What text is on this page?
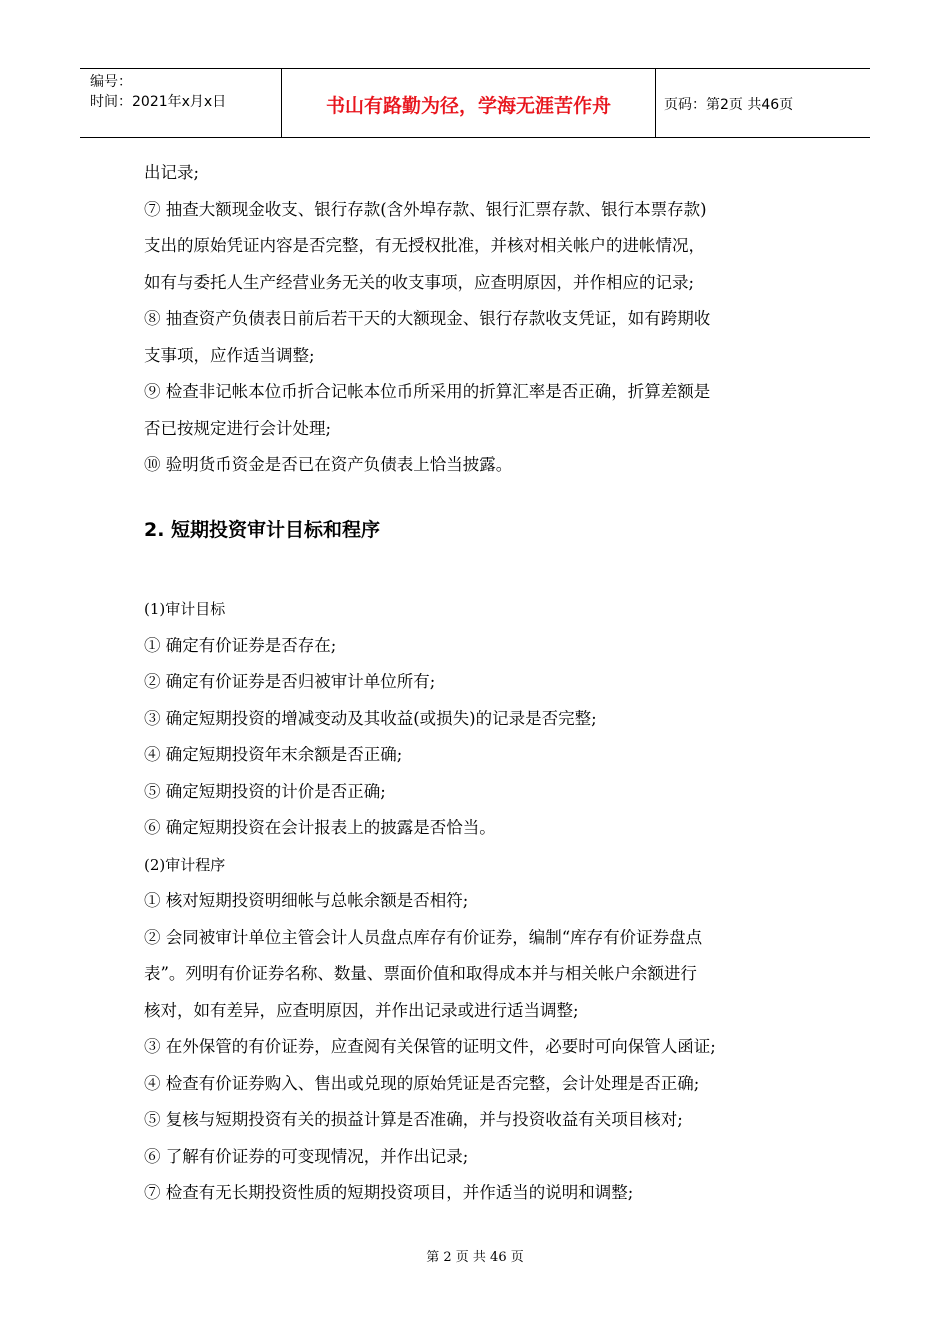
编号：
时间：2021年x月x日	书山有路勤为径，学海无涯苦作舟	页码：第2页 共46页
出记录;
⑦ 抽查大额现金收支、银行存款(含外埠存款、银行汇票存款、银行本票存款)
支出的原始凭证内容是否完整，有无授权批准，并核对相关帐户的进帐情况，
如有与委托人生产经营业务无关的收支事项，应查明原因，并作相应的记录;
⑧ 抽查资产负债表日前后若干天的大额现金、银行存款收支凭证，如有跨期收
支事项，应作适当调整;
⑨ 检查非记帐本位币折合记帐本位币所采用的折算汇率是否正确，折算差额是
否已按规定进行会计处理;
⑩ 验明货币资金是否已在资产负债表上恰当披露。
2. 短期投资审计目标和程序
(1)审计目标
① 确定有价证券是否存在;
② 确定有价证券是否归被审计单位所有;
③ 确定短期投资的增减变动及其收益(或损失)的记录是否完整;
④ 确定短期投资年末余额是否正确;
⑤ 确定短期投资的计价是否正确;
⑥ 确定短期投资在会计报表上的披露是否恰当。
(2)审计程序
① 核对短期投资明细帐与总帐余额是否相符;
② 会同被审计单位主管会计人员盘点库存有价证券，编制“库存有价证券盘点
表”。列明有价证券名称、数量、票面价值和取得成本并与相关帐户余额进行
核对，如有差异，应查明原因，并作出记录或进行适当调整;
③ 在外保管的有价证券，应查阅有关保管的证明文件，必要时可向保管人函证;
④ 检查有价证券购入、售出或兑现的原始凭证是否完整，会计处理是否正确;
⑤ 复核与短期投资有关的损益计算是否准确，并与投资收益有关项目核对;
⑥ 了解有价证券的可变现情况，并作出记录;
⑦ 检查有无长期投资性质的短期投资项目，并作适当的说明和调整;
第 2 页 共 46 页
